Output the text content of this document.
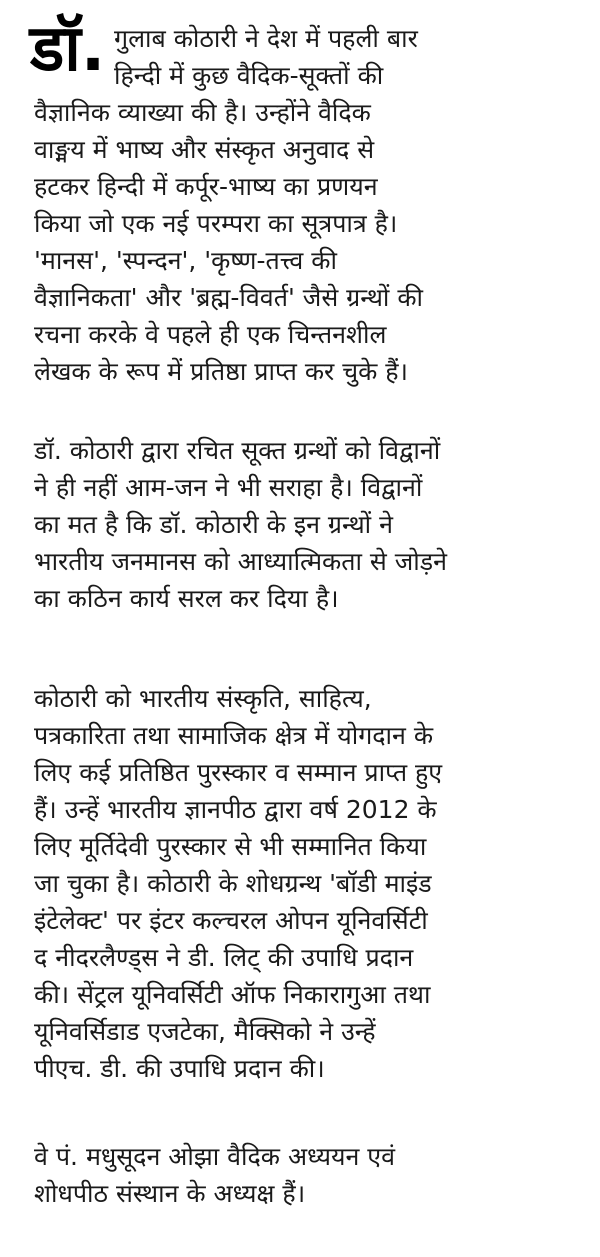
डॉ. गुलाब कोठारी ने देश में पहली बार
हिन्दी में कुछ वैदिक-सूक्तों की
वैज्ञानिक व्याख्या की है। उन्होंने वैदिक
वाङ्मय में भाष्य और संस्कृत अनुवाद से
हटकर हिन्दी में कर्पूर-भाष्य का प्रणयन
किया जो एक नई परम्परा का सूत्रपात्र है।
'मानस', 'स्पन्दन', 'कृष्ण-तत्त्व की
वैज्ञानिकता' और 'ब्रह्म-विवर्त' जैसे ग्रन्थों की
रचना करके वे पहले ही एक चिन्तनशील
लेखक के रूप में प्रतिष्ठा प्राप्त कर चुके हैं।
डॉ. कोठारी द्वारा रचित सूक्त ग्रन्थों को विद्वानों
ने ही नहीं आम-जन ने भी सराहा है। विद्वानों
का मत है कि डॉ. कोठारी के इन ग्रन्थों ने
भारतीय जनमानस को आध्यात्मिकता से जोड़ने
का कठिन कार्य सरल कर दिया है।
कोठारी को भारतीय संस्कृति, साहित्य,
पत्रकारिता तथा सामाजिक क्षेत्र में योगदान के
लिए कई प्रतिष्ठित पुरस्कार व सम्मान प्राप्त हुए
हैं। उन्हें भारतीय ज्ञानपीठ द्वारा वर्ष 2012 के
लिए मूर्तिदेवी पुरस्कार से भी सम्मानित किया
जा चुका है। कोठारी के शोधग्रन्थ 'बॉडी माइंड
इंटेलेक्ट' पर इंटर कल्चरल ओपन यूनिवर्सिटी
द नीदरलैण्ड्स ने डी. लिट् की उपाधि प्रदान
की। सेंट्रल यूनिवर्सिटी ऑफ निकारागुआ तथा
यूनिवर्सिडाड एजटेका, मैक्सिको ने उन्हें
पीएच. डी. की उपाधि प्रदान की।
वे पं. मधुसूदन ओझा वैदिक अध्ययन एवं
शोधपीठ संस्थान के अध्यक्ष हैं।
